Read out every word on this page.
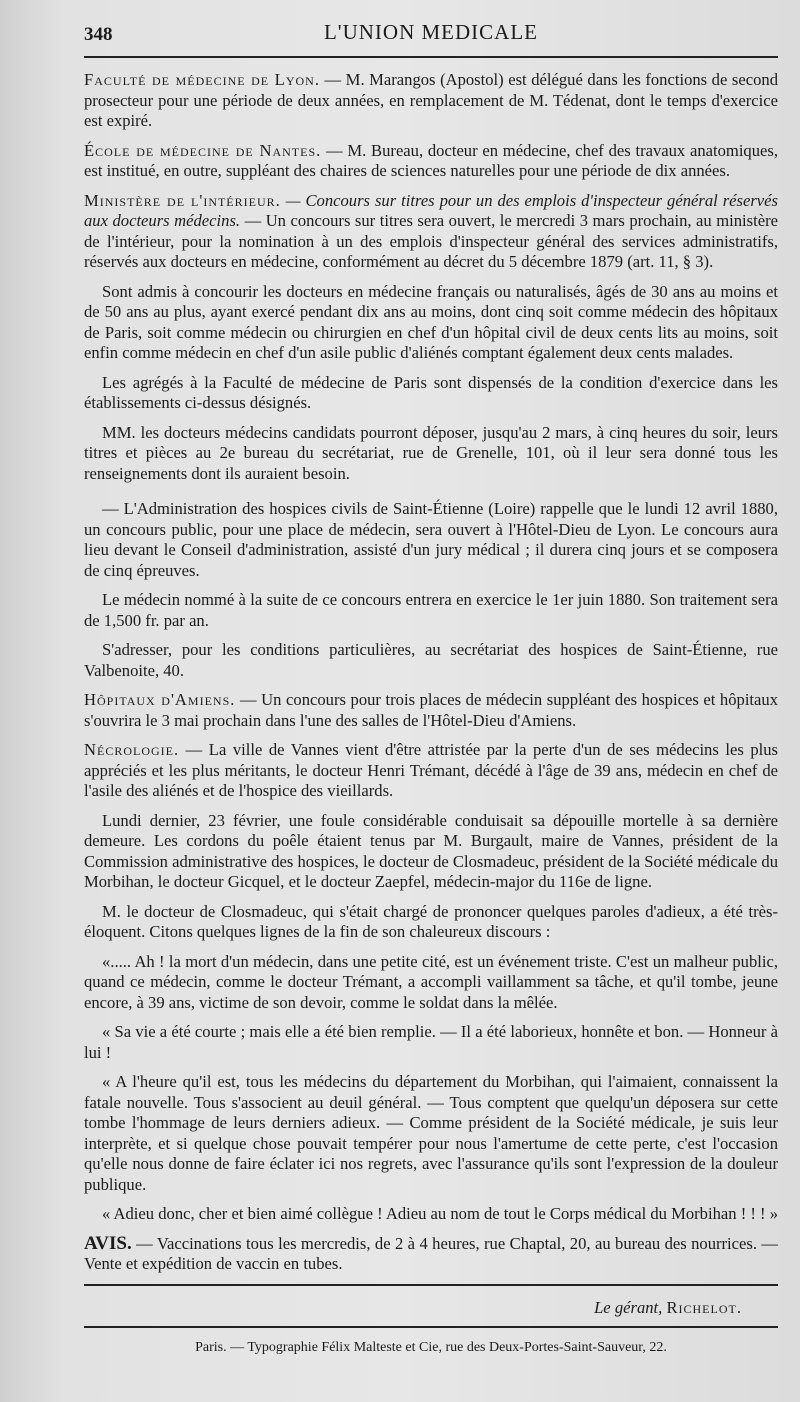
348	L'UNION MEDICALE

Faculté de médecine de Lyon. — M. Marangos (Apostol) est délégué dans les fonctions de second prosecteur pour une période de deux années, en remplacement de M. Tédenat, dont le temps d'exercice est expiré.

École de médecine de Nantes. — M. Bureau, docteur en médecine, chef des travaux anatomiques, est institué, en outre, suppléant des chaires de sciences naturelles pour une période de dix années.

Ministère de l'intérieur. — Concours sur titres pour un des emplois d'inspecteur général réservés aux docteurs médecins. — Un concours sur titres sera ouvert, le mercredi 3 mars prochain, au ministère de l'intérieur, pour la nomination à un des emplois d'inspecteur général des services administratifs, réservés aux docteurs en médecine, conformément au décret du 5 décembre 1879 (art. 11, § 3).

Sont admis à concourir les docteurs en médecine français ou naturalisés, âgés de 30 ans au moins et de 50 ans au plus, ayant exercé pendant dix ans au moins, dont cinq soit comme médecin des hôpitaux de Paris, soit comme médecin ou chirurgien en chef d'un hôpital civil de deux cents lits au moins, soit enfin comme médecin en chef d'un asile public d'aliénés comptant également deux cents malades.

Les agrégés à la Faculté de médecine de Paris sont dispensés de la condition d'exercice dans les établissements ci-dessus désignés.

MM. les docteurs médecins candidats pourront déposer, jusqu'au 2 mars, à cinq heures du soir, leurs titres et pièces au 2e bureau du secrétariat, rue de Grenelle, 101, où il leur sera donné tous les renseignements dont ils auraient besoin.

— L'Administration des hospices civils de Saint-Étienne (Loire) rappelle que le lundi 12 avril 1880, un concours public, pour une place de médecin, sera ouvert à l'Hôtel-Dieu de Lyon. Le concours aura lieu devant le Conseil d'administration, assisté d'un jury médical ; il durera cinq jours et se composera de cinq épreuves.

Le médecin nommé à la suite de ce concours entrera en exercice le 1er juin 1880. Son traitement sera de 1,500 fr. par an.

S'adresser, pour les conditions particulières, au secrétariat des hospices de Saint-Étienne, rue Valbenoite, 40.

Hôpitaux d'Amiens. — Un concours pour trois places de médecin suppléant des hospices et hôpitaux s'ouvrira le 3 mai prochain dans l'une des salles de l'Hôtel-Dieu d'Amiens.

Nécrologie. — La ville de Vannes vient d'être attristée par la perte d'un de ses médecins les plus appréciés et les plus méritants, le docteur Henri Trémant, décédé à l'âge de 39 ans, médecin en chef de l'asile des aliénés et de l'hospice des vieillards.

Lundi dernier, 23 février, une foule considérable conduisait sa dépouille mortelle à sa dernière demeure. Les cordons du poêle étaient tenus par M. Burgault, maire de Vannes, président de la Commission administrative des hospices, le docteur de Closmadeuc, président de la Société médicale du Morbihan, le docteur Gicquel, et le docteur Zaepfel, médecin-major du 116e de ligne.

M. le docteur de Closmadeuc, qui s'était chargé de prononcer quelques paroles d'adieux, a été très-éloquent. Citons quelques lignes de la fin de son chaleureux discours :

«..... Ah ! la mort d'un médecin, dans une petite cité, est un événement triste. C'est un malheur public, quand ce médecin, comme le docteur Trémant, a accompli vaillamment sa tâche, et qu'il tombe, jeune encore, à 39 ans, victime de son devoir, comme le soldat dans la mêlée.

« Sa vie a été courte ; mais elle a été bien remplie. — Il a été laborieux, honnête et bon. — Honneur à lui !

« A l'heure qu'il est, tous les médecins du département du Morbihan, qui l'aimaient, connaissent la fatale nouvelle. Tous s'associent au deuil général. — Tous comptent que quelqu'un déposera sur cette tombe l'hommage de leurs derniers adieux. — Comme président de la Société médicale, je suis leur interprète, et si quelque chose pouvait tempérer pour nous l'amertume de cette perte, c'est l'occasion qu'elle nous donne de faire éclater ici nos regrets, avec l'assurance qu'ils sont l'expression de la douleur publique.

« Adieu donc, cher et bien aimé collègue ! Adieu au nom de tout le Corps médical du Morbihan ! ! ! »

AVIS. — Vaccinations tous les mercredis, de 2 à 4 heures, rue Chaptal, 20, au bureau des nourrices. — Vente et expédition de vaccin en tubes.

Le gérant, Richelot.
Paris. — Typographie Félix Malteste et Cie, rue des Deux-Portes-Saint-Sauveur, 22.
